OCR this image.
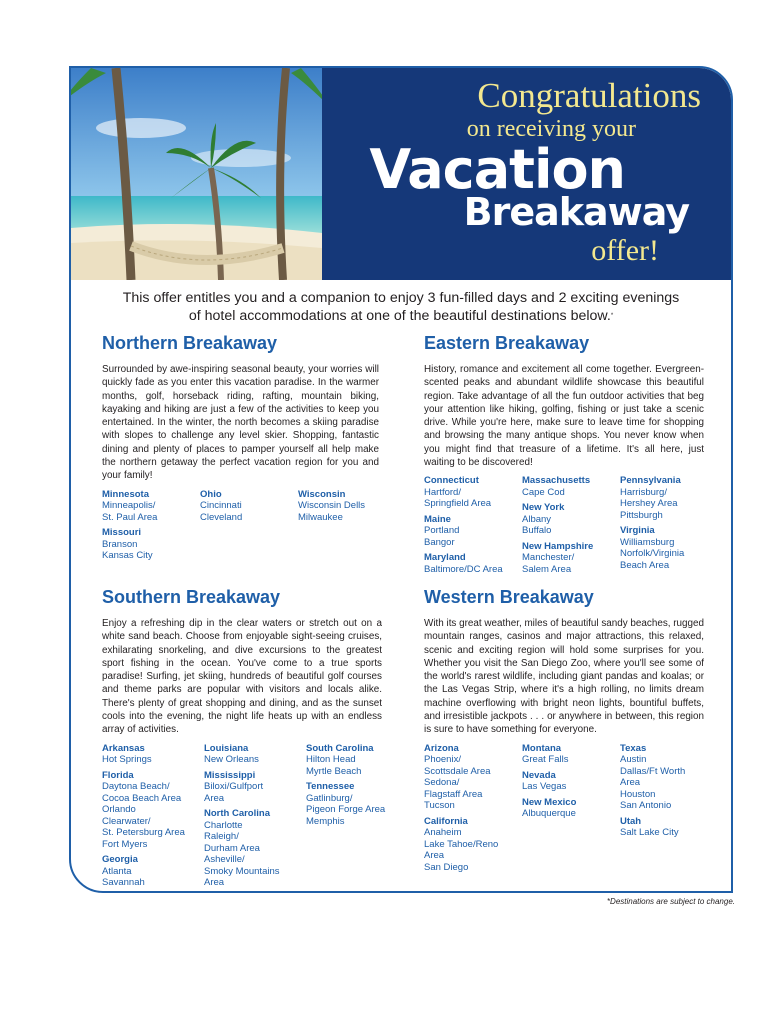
Congratulations
on receiving your
Vacation
Breakaway
offer!
This offer entitles you and a companion to enjoy 3 fun-filled days and 2 exciting evenings
of hotel accommodations at one of the beautiful destinations below.*
Northern Breakaway

Surrounded by awe-inspiring seasonal beauty, your worries will quickly fade as you enter this vacation paradise. In the warmer months, golf, horseback riding, rafting, mountain biking, kayaking and hiking are just a few of the activities to keep you entertained. In the winter, the north becomes a skiing paradise with slopes to challenge any level skier. Shopping, fantastic dining and plenty of places to pamper yourself all help make the northern getaway the perfect vacation region for you and your family!

Minnesota
Minneapolis/
St. Paul Area
Missouri
Branson
Kansas City
Ohio
Cincinnati
Cleveland
Wisconsin
Wisconsin Dells
Milwaukee
Eastern Breakaway

History, romance and excitement all come together. Evergreen-scented peaks and abundant wildlife showcase this beautiful region. Take advantage of all the fun outdoor activities that beg your attention like hiking, golfing, fishing or just take a scenic drive. While you're here, make sure to leave time for shopping and browsing the many antique shops. You never know when you might find that treasure of a lifetime. It's all here, just waiting to be discovered!

Connecticut
Hartford/
Springfield Area
Maine
Portland
Bangor
Maryland
Baltimore/DC Area
Massachusetts
Cape Cod
New York
Albany
Buffalo
New Hampshire
Manchester/
Salem Area
Pennsylvania
Harrisburg/
Hershey Area
Pittsburgh
Virginia
Williamsburg
Norfolk/Virginia
Beach Area
Southern Breakaway

Enjoy a refreshing dip in the clear waters or stretch out on a white sand beach. Choose from enjoyable sight-seeing cruises, exhilarating snorkeling, and dive excursions to the greatest sport fishing in the ocean. You've come to a true sports paradise! Surfing, jet skiing, hundreds of beautiful golf courses and theme parks are popular with visitors and locals alike. There's plenty of great shopping and dining, and as the sunset cools into the evening, the night life heats up with an endless array of activities.

Arkansas
Hot Springs
Florida
Daytona Beach/
Cocoa Beach Area
Orlando
Clearwater/
St. Petersburg Area
Fort Myers
Georgia
Atlanta
Savannah
Louisiana
New Orleans
Mississippi
Biloxi/Gulfport
Area
North Carolina
Charlotte
Raleigh/
Durham Area
Asheville/
Smoky Mountains
Area
South Carolina
Hilton Head
Myrtle Beach
Tennessee
Gatlinburg/
Pigeon Forge Area
Memphis
Western Breakaway

With its great weather, miles of beautiful sandy beaches, rugged mountain ranges, casinos and major attractions, this relaxed, scenic and exciting region will hold some surprises for you. Whether you visit the San Diego Zoo, where you'll see some of the world's rarest wildlife, including giant pandas and koalas; or the Las Vegas Strip, where it's a high rolling, no limits dream machine overflowing with bright neon lights, bountiful buffets, and irresistible jackpots . . . or anywhere in between, this region is sure to have something for everyone.

Arizona
Phoenix/
Scottsdale Area
Sedona/
Flagstaff Area
Tucson
California
Anaheim
Lake Tahoe/Reno
Area
San Diego
Montana
Great Falls
Nevada
Las Vegas
New Mexico
Albuquerque
Texas
Austin
Dallas/Ft Worth
Area
Houston
San Antonio
Utah
Salt Lake City
*Destinations are subject to change.
